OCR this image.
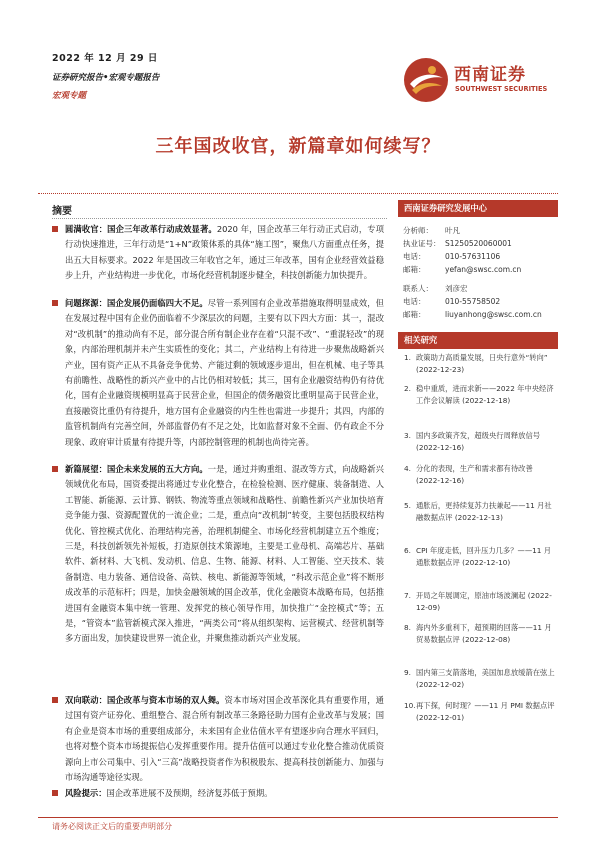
2022 年 12 月 29 日
证券研究报告•宏观专题报告
宏观专题
西南证券
SOUTHWEST SECURITIES
三年国改收官，新篇章如何续写？
摘要
圆满收官：国企三年改革行动成效显著。2020 年，国企改革三年行动正式启动，专项行动快速推进，三年行动是“1+N”政策体系的具体“施工图”，聚焦八方面重点任务，提出五大目标要求。2022 年是国改三年收官之年，通过三年改革，国有企业经营效益稳步上升，产业结构进一步优化，市场化经营机制逐步健全，科技创新能力加快提升。
问题探源：国企发展仍面临四大不足。尽管一系列国有企业改革措施取得明显成效，但在发展过程中国有企业仍面临着不少深层次的问题，主要有以下四大方面：其一，混改对“改机制”的推动尚有不足，部分混合所有制企业存在着“只混不改”、“重混轻改”的现象，内部治理机制并未产生实质性的变化；其二，产业结构上有待进一步聚焦战略新兴产业，国有资产正从不具备竞争优势、产能过剩的领域逐步退出，但在机械、电子等具有前瞻性、战略性的新兴产业中的占比仍相对较低；其三，国有企业融资结构仍有待优化，国有企业融资规模明显高于民营企业，但国企的债务融资比重明显高于民营企业，直接融资比重仍有待提升，地方国有企业融资的内生性也需进一步提升；其四，内部的监管机制尚有完善空间，外部监督仍有不足之处，比如监督对象不全面、仍有政企不分现象、政府审计质量有待提升等，内部控制管理的机制也尚待完善。
新篇展望：国企未来发展的五大方向。一是，通过并购重组、混改等方式，向战略新兴领域优化布局，国资委提出将通过专业化整合，在检验检测、医疗健康、装备制造、人工智能、新能源、云计算、钢铁、物流等重点领域和战略性、前瞻性新兴产业加快培育竞争能力强、资源配置优的一流企业；二是，重点向“改机制”转变，主要包括股权结构优化、管控模式优化、治理结构完善，治理机制健全、市场化经营机制建立五个维度；三是，科技创新领先补短板，打造原创技术策源地，主要是工业母机、高端芯片、基础软件、新材料、大飞机、发动机、信息、生物、能源、材料、人工智能、空天技术、装备制造、电力装备、通信设备、高铁、核电、新能源等领域，“科改示范企业”将不断形成改革的示范标杆；四是，加快金融领域的国企改革，优化金融资本战略布局，包括推进国有金融资本集中统一管理、发挥党的核心领导作用，加快推广“金控模式”等；五是，“管资本”监管新模式深入推进，“两类公司”将从组织架构、运营模式、经营机制等多方面出发，加快建设世界一流企业，并聚焦推动新兴产业发展。
双向联动：国企改革与资本市场的双人舞。资本市场对国企改革深化具有重要作用，通过国有资产证券化、重组整合、混合所有制改革三条路径助力国有企业改革与发展；国有企业是资本市场的重要组成部分，未来国有企业估值水平有望逐步向合理水平回归，也将对整个资本市场提振信心发挥重要作用。提升估值可以通过专业化整合推动优质资源向上市公司集中、引入“三高”战略投资者作为积极股东、提高科技创新能力、加强与市场沟通等途径实现。
风险提示：国企改革进展不及预期，经济复苏低于预期。
西南证券研究发展中心
分析师： 叶凡
执业证号： S1250520060001
电话：	010-57631106
邮箱：	yefan@swsc.com.cn
联系人： 刘彦宏
电话：	010-55758502
邮箱：	liuyanhong@swsc.com.cn
相关研究
1. 政策助力高质量发展，日央行意外“转向” (2022-12-23)
2. 稳中重质，进而求新——2022 年中央经济工作会议解读 (2022-12-18)
3. 国内多政策齐发，超级央行周释放信号 (2022-12-16)
4. 分化的表现，生产和需求都有待改善 (2022-12-16)
5. 通胀后，更持续复苏力扶兼起——11 月社融数据点评 (2022-12-13)
6. CPI 年度走低，回升压力几多？——11 月通胀数据点评 (2022-12-10)
7. 开局之年展调定，原油市场波澜起 (2022-12-09)
8. 海内外多重利下，超预期的回落——11 月贸易数据点评 (2022-12-08)
9. 国内第三支箭落地，美国加息放缓箭在弦上 (2022-12-02)
10. 再下探，何时现？——11 月 PMI 数据点评 (2022-12-01)
请务必阅读正文后的重要声明部分
